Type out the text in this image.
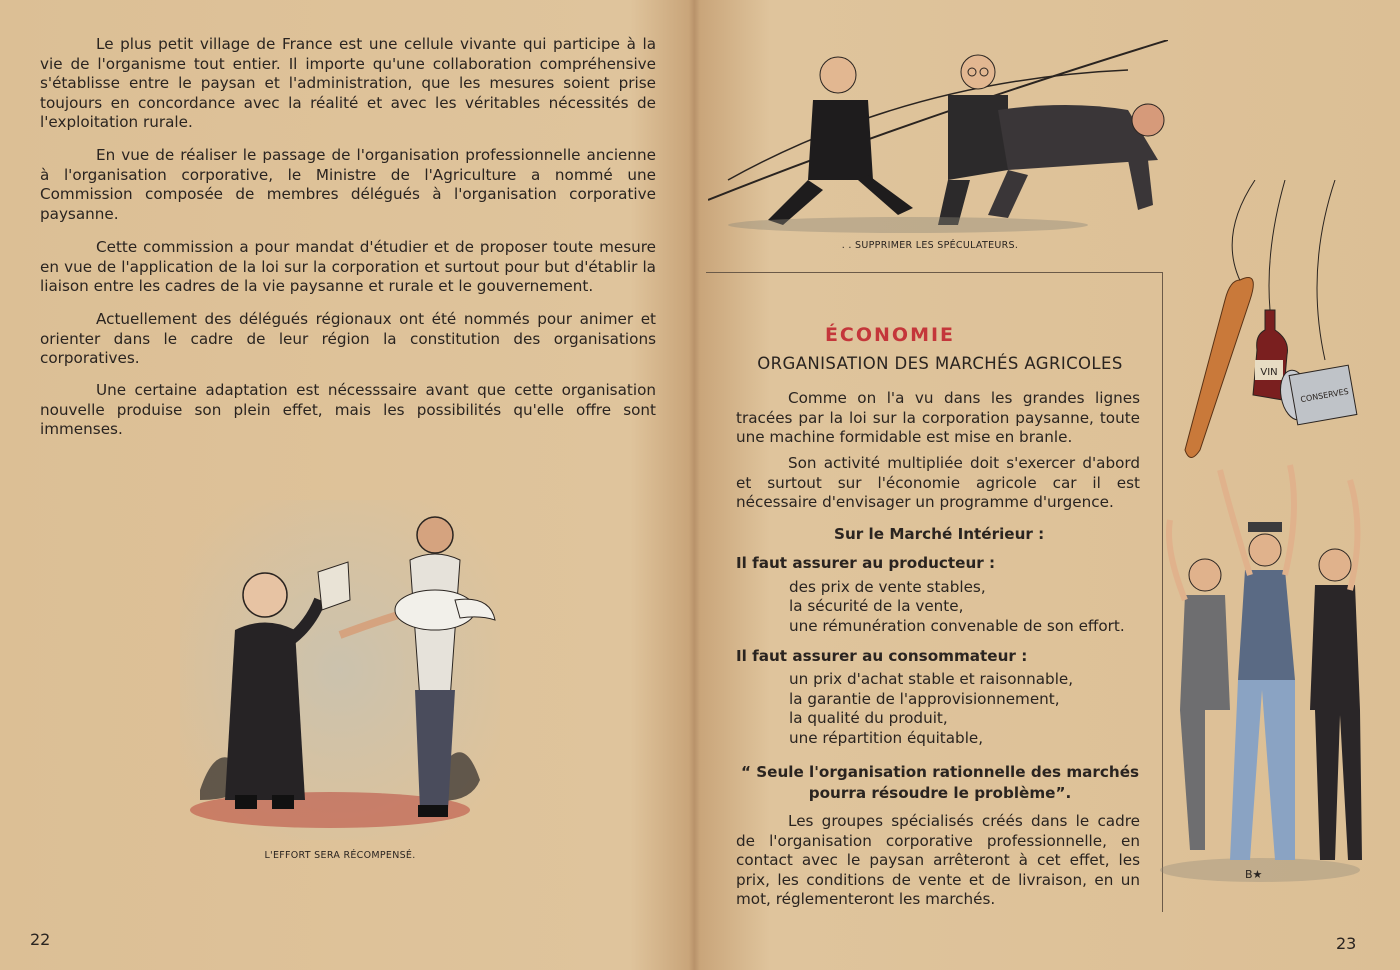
Le plus petit village de France est une cellule vivante qui participe à la vie de l'organisme tout entier. Il importe qu'une collaboration compréhensive s'établisse entre le paysan et l'administration, que les mesures soient prise toujours en concordance avec la réalité et avec les véritables nécessités de l'exploitation rurale.

En vue de réaliser le passage de l'organisation professionnelle ancienne à l'organisation corporative, le Ministre de l'Agriculture a nommé une Commission composée de membres délégués à l'organisation corporative paysanne.

Cette commission a pour mandat d'étudier et de proposer toute mesure en vue de l'application de la loi sur la corporation et surtout pour but d'établir la liaison entre les cadres de la vie paysanne et rurale et le gouvernement.

Actuellement des délégués régionaux ont été nommés pour animer et orienter dans le cadre de leur région la constitution des organisations corporatives.

Une certaine adaptation est nécesssaire avant que cette organisation nouvelle produise son plein effet, mais les possibilités qu'elle offre sont immenses.

L'EFFORT SERA RÉCOMPENSÉ.
22
. . SUPPRIMER LES SPÉCULATEURS.
VIN
CONSERVES
ÉCONOMIE
ORGANISATION DES MARCHÉS AGRICOLES

Comme on l'a vu dans les grandes lignes tracées par la loi sur la corporation paysanne, toute une machine formidable est mise en branle.

Son activité multipliée doit s'exercer d'abord et surtout sur l'économie agricole car il est nécessaire d'envisager un programme d'urgence.

Sur le Marché Intérieur :
Il faut assurer au producteur :
des prix de vente stables,
la sécurité de la vente,
une rémunération convenable de son effort.
Il faut assurer au consommateur :
un prix d'achat stable et raisonnable,
la garantie de l'approvisionnement,
la qualité du produit,
une répartition équitable,
“ Seule l'organisation rationnelle des marchés
pourra résoudre le problème”.

Les groupes spécialisés créés dans le cadre de l'organisation corporative professionnelle, en contact avec le paysan arrêteront à cet effet, les prix, les conditions de vente et de livraison, en un mot, réglementeront les marchés.

B★
23
